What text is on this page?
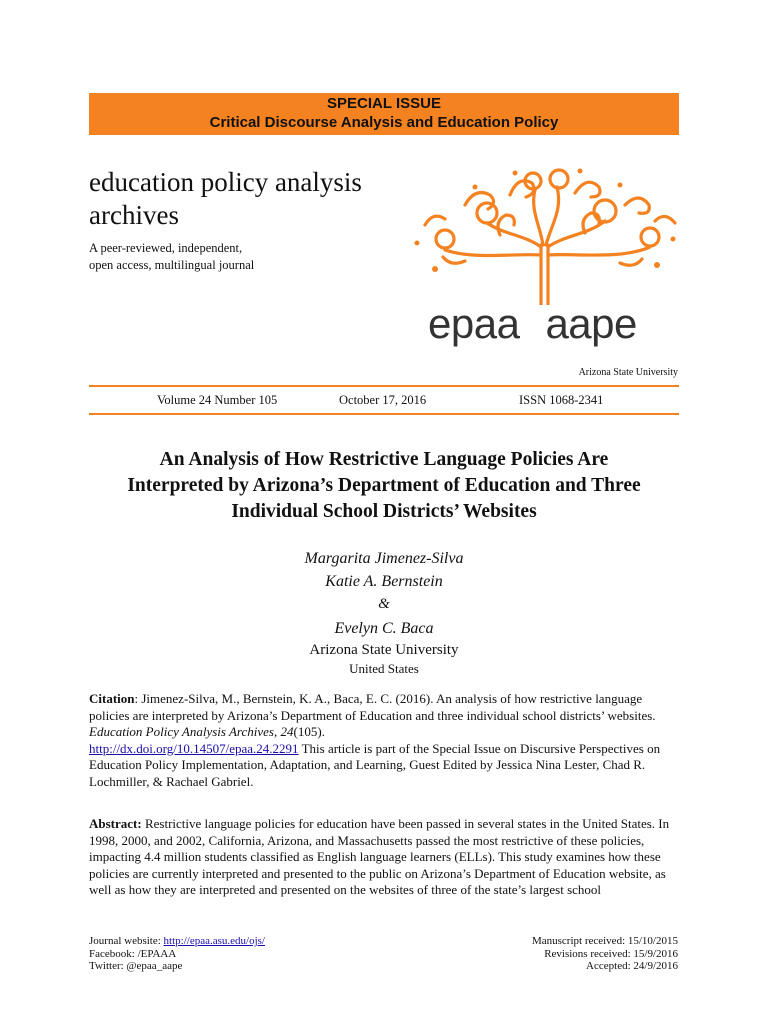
SPECIAL ISSUE
Critical Discourse Analysis and Education Policy
education policy analysis
archives
A peer-reviewed, independent,
open access, multilingual journal
epaa aape
Arizona State University
Volume 24 Number 105	October 17, 2016	ISSN 1068-2341
An Analysis of How Restrictive Language Policies Are
Interpreted by Arizona’s Department of Education and Three
Individual School Districts’ Websites
Margarita Jimenez-Silva
Katie A. Bernstein
&
Evelyn C. Baca
Arizona State University
United States
Citation: Jimenez-Silva, M., Bernstein, K. A., Baca, E. C. (2016). An analysis of how restrictive language policies are interpreted by Arizona’s Department of Education and three individual school districts’ websites. Education Policy Analysis Archives, 24(105).
http://dx.doi.org/10.14507/epaa.24.2291 This article is part of the Special Issue on Discursive Perspectives on Education Policy Implementation, Adaptation, and Learning, Guest Edited by Jessica Nina Lester, Chad R. Lochmiller, & Rachael Gabriel.
Abstract: Restrictive language policies for education have been passed in several states in the United States. In 1998, 2000, and 2002, California, Arizona, and Massachusetts passed the most restrictive of these policies, impacting 4.4 million students classified as English language learners (ELLs). This study examines how these policies are currently interpreted and presented to the public on Arizona’s Department of Education website, as well as how they are interpreted and presented on the websites of three of the state’s largest school
Journal website: http://epaa.asu.edu/ojs/
Facebook: /EPAAA
Twitter: @epaa_aape
Manuscript received: 15/10/2015
Revisions received: 15/9/2016
Accepted: 24/9/2016
